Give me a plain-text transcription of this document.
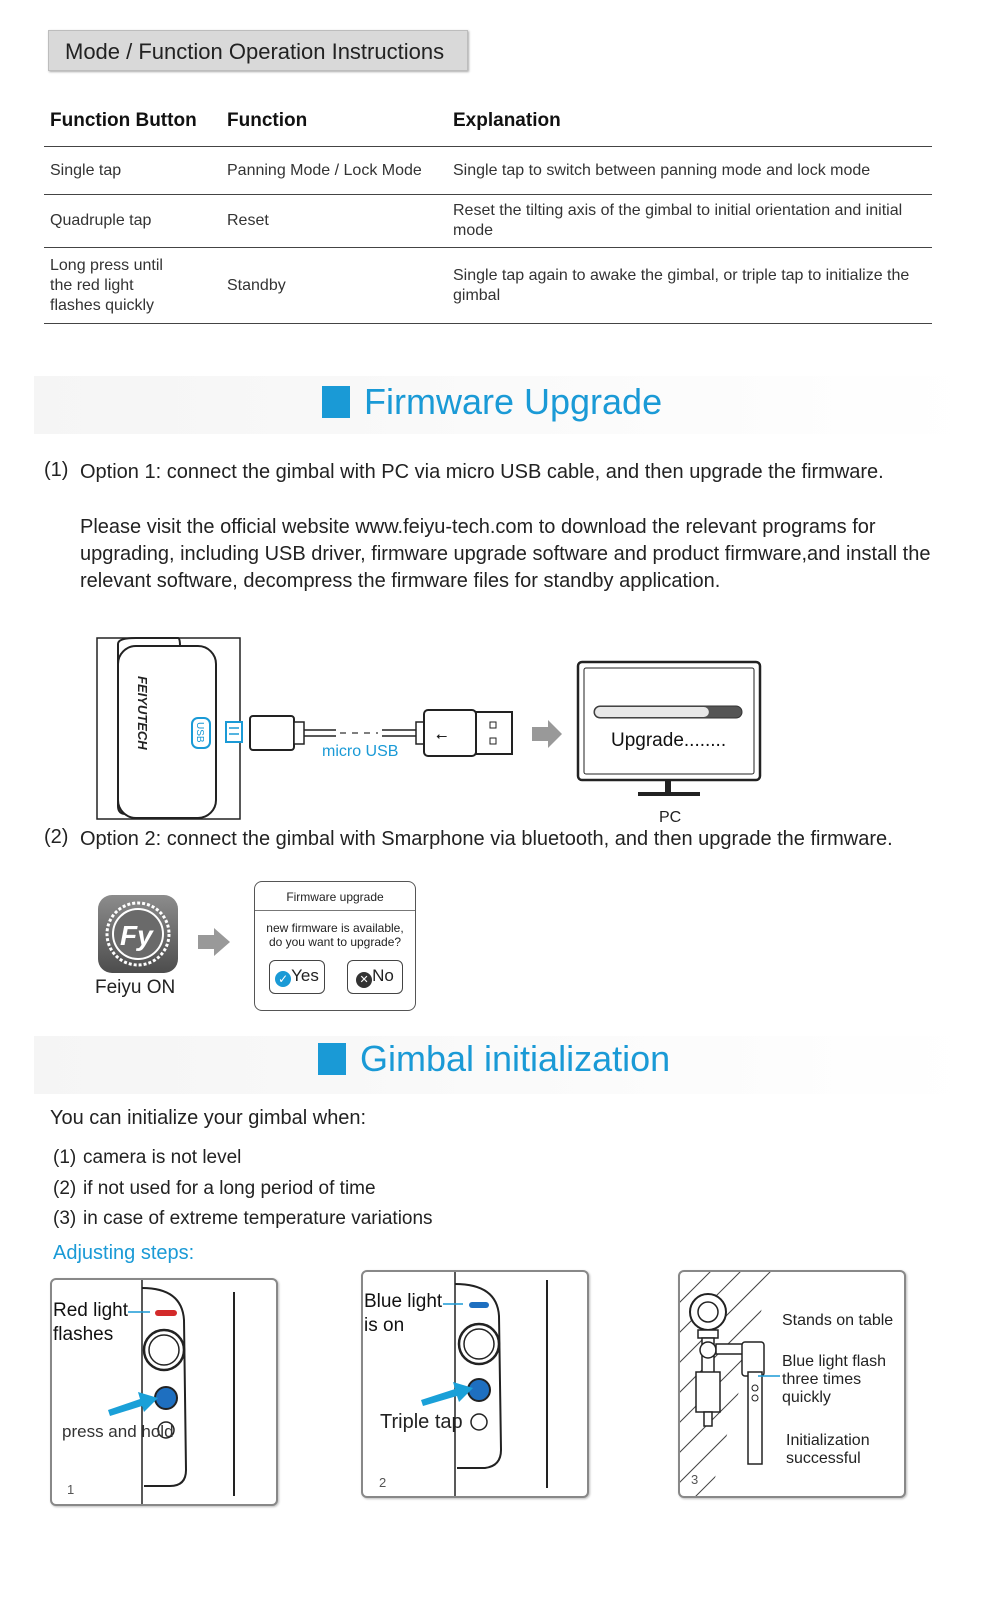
Mode / Function Operation Instructions
Function Button	Function	Explanation
Single tap	Panning Mode / Lock Mode	Single tap to switch between panning mode and lock mode
Quadruple tap	Reset	Reset the tilting axis of the gimbal to initial orientation and initial mode
Long press until the red light flashes quickly	Standby	Single tap again to awake the gimbal, or triple tap to initialize the gimbal
Firmware Upgrade
(1) Option 1: connect the gimbal with PC via micro USB cable, and then upgrade the firmware.
Please visit the official website www.feiyu-tech.com to download the relevant programs for upgrading, including USB driver, firmware upgrade software and product firmware,and install the relevant software, decompress the firmware files for standby application.
FEIYUTECH	USB
micro USB
⭠	Upgrade........
PC
(2) Option 2: connect the gimbal with Smarphone via bluetooth, and then upgrade the firmware.
Fy
Feiyu ON
Firmware upgrade
new firmware is available,
do you want to upgrade?
✓ Yes	✕ No
Gimbal initialization
You can initialize your gimbal when:
(1) camera is not level
(2) if not used for a long period of time
(3) in case of extreme temperature variations
Adjusting steps:
Red light
flashes
press and hold
1
Blue light
is on
Triple tap
2
Stands on table
Blue light flash
three times
quickly
Initialization
successful
3
